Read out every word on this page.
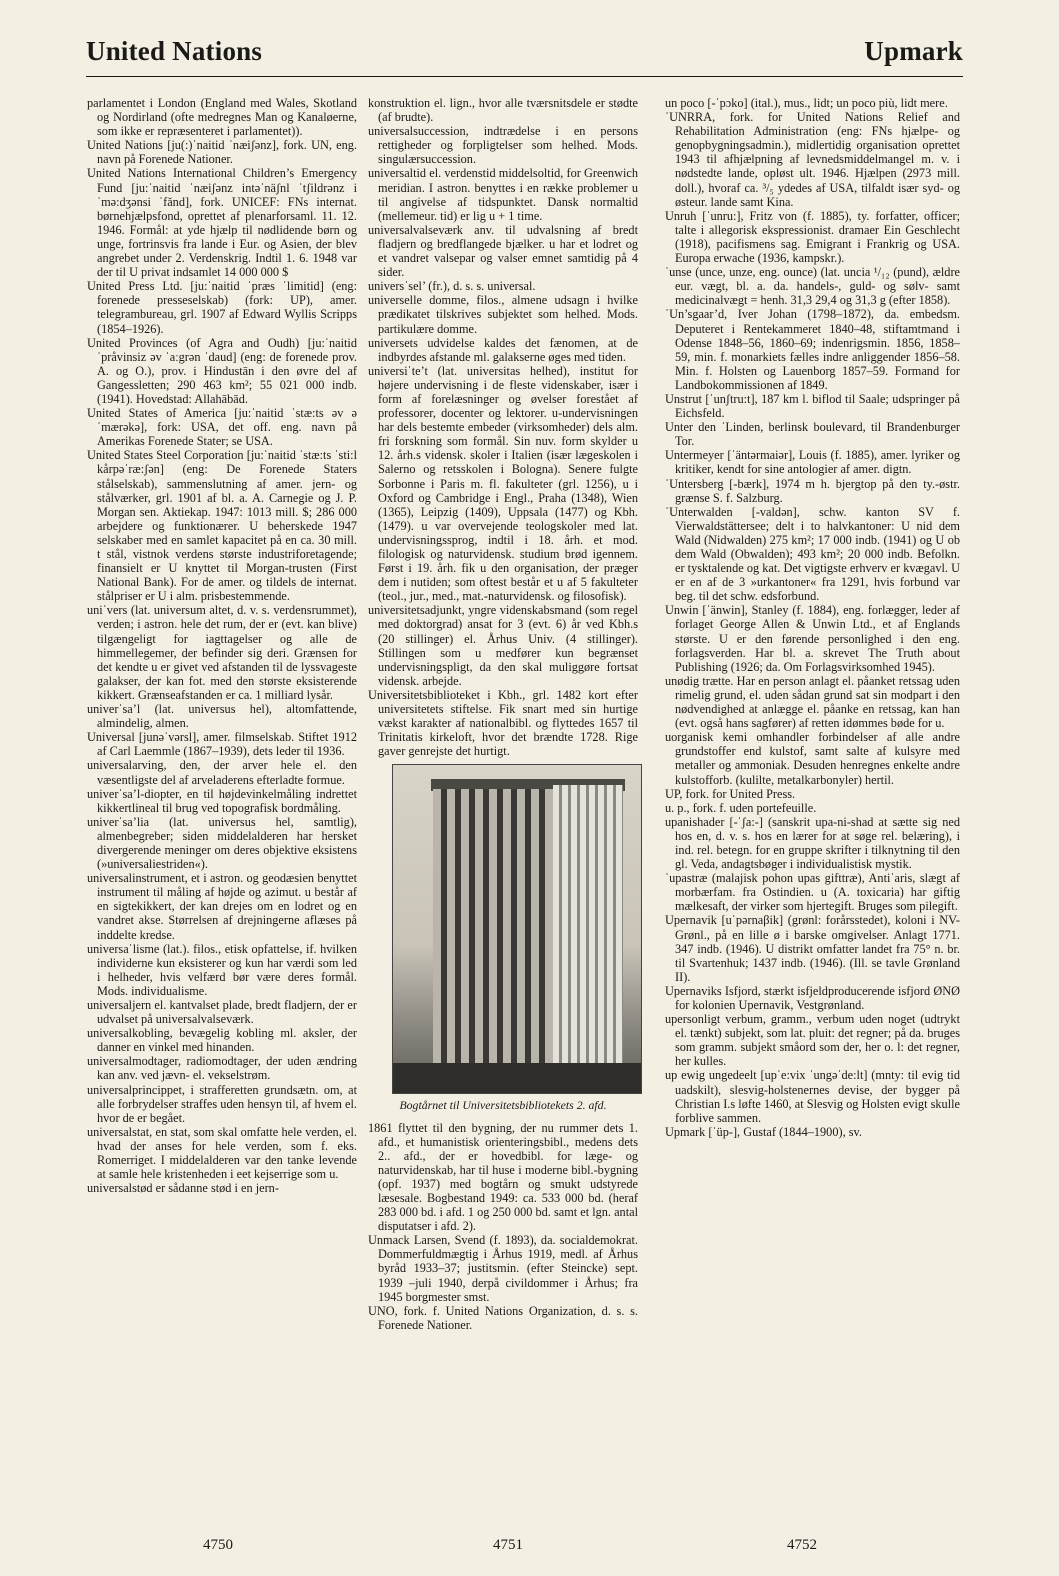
United Nations	Upmark
parlamentet i London (England med Wales, Skotland og Nordirland (ofte medregnes Man og Kanaløerne, som ikke er repræsenteret i parlamentet)).
United Nations [ju(:)ˈnaitid ˈnæiʃənz], fork. UN, eng. navn på Forenede Nationer.
United Nations International Children’s Emergency Fund [ju:ˈnaitid ˈnæiʃənz intəˈnäʃnl ˈtʃildrənz iˈmə:dʒənsi ˈfǎnd], fork. UNICEF: FNs internat. børnehjælpsfond, oprettet af plenarforsaml. 11. 12. 1946. Formål: at yde hjælp til nødlidende børn og unge, fortrinsvis fra lande i Eur. og Asien, der blev angrebet under 2. Verdenskrig. Indtil 1. 6. 1948 var der til U privat indsamlet 14 000 000 $
United Press Ltd. [ju:ˈnaitid ˈpræs ˈlimitid] (eng: forenede presseselskab) (fork: UP), amer. telegrambureau, grl. 1907 af Edward Wyllis Scripps (1854–1926).
United Provinces (of Agra and Oudh) [ju:ˈnaitid ˈpråvinsiz əv ˈaːgrən ˈdaud] (eng: de forenede prov. A. og O.), prov. i Hindustān i den øvre del af Gangessletten; 290 463 km²; 55 021 000 indb. (1941). Hovedstad: Allahābād.
United States of America [ju:ˈnaitid ˈstæ:ts əv əˈmærəkə], fork: USA, det off. eng. navn på Amerikas Forenede Stater; se USA.
United States Steel Corporation [ju:ˈnaitid ˈstæ:ts ˈsti:l kårpəˈræ:ʃən] (eng: De Forenede Staters stålselskab), sammenslutning af amer. jern- og stålværker, grl. 1901 af bl. a. A. Carnegie og J. P. Morgan sen. Aktiekap. 1947: 1013 mill. $; 286 000 arbejdere og funktionærer. U beherskede 1947 selskaber med en samlet kapacitet på en ca. 30 mill. t stål, vistnok verdens største industriforetagende; finansielt er U knyttet til Morgan-trusten (First National Bank). For de amer. og tildels de internat. stålpriser er U i alm. prisbestemmende.
uniˈvers (lat. universum altet, d. v. s. verdensrummet), verden; i astron. hele det rum, der er (evt. kan blive) tilgængeligt for iagttagelser og alle de himmellegemer, der befinder sig deri. Grænsen for det kendte u er givet ved afstanden til de lyssvageste galakser, der kan fot. med den største eksisterende kikkert. Grænseafstanden er ca. 1 milliard lysår.
univerˈsa’l (lat. universus hel), altomfattende, almindelig, almen.
Universal [junəˈvərsl], amer. filmselskab. Stiftet 1912 af Carl Laemmle (1867–1939), dets leder til 1936.
universalarving, den, der arver hele el. den væsentligste del af arveladerens efterladte formue.
univerˈsa’l-diopter, en til højdevinkelmåling indrettet kikkertlineal til brug ved topografisk bordmåling.
univerˈsa’lia (lat. universus hel, samtlig), almenbegreber; siden middelalderen har hersket divergerende meninger om deres objektive eksistens (»universaliestriden«).
universalinstrument, et i astron. og geodæsien benyttet instrument til måling af højde og azimut. u består af en sigtekikkert, der kan drejes om en lodret og en vandret akse. Størrelsen af drejningerne aflæses på inddelte kredse.
universaˈlisme (lat.). filos., etisk opfattelse, if. hvilken individerne kun eksisterer og kun har værdi som led i helheder, hvis velfærd bør være deres formål. Mods. individualisme.
universaljern el. kantvalset plade, bredt fladjern, der er udvalset på universalvalseværk.
universalkobling, bevægelig kobling ml. aksler, der danner en vinkel med hinanden.
universalmodtager, radiomodtager, der uden ændring kan anv. ved jævn- el. vekselstrøm.
universalprincippet, i strafferetten grundsætn. om, at alle forbrydelser straffes uden hensyn til, af hvem el. hvor de er begået.
universalstat, en stat, som skal omfatte hele verden, el. hvad der anses for hele verden, som f. eks. Romerriget. I middelalderen var den tanke levende at samle hele kristenheden i eet kejserrige som u.
universalstød er sådanne stød i en jern-
konstruktion el. lign., hvor alle tværsnitsdele er stødte (af brudte).
universalsuccession, indtrædelse i en persons rettigheder og forpligtelser som helhed. Mods. singulærsuccession.
universaltid el. verdenstid middelsoltid, for Greenwich meridian. I astron. benyttes i en række problemer u til angivelse af tidspunktet. Dansk normaltid (mellemeur. tid) er lig u + 1 time.
universalvalseværk anv. til udvalsning af bredt fladjern og bredflangede bjælker. u har et lodret og et vandret valsepar og valser emnet samtidig på 4 sider.
universˈsel’ (fr.), d. s. s. universal.
universelle domme, filos., almene udsagn i hvilke prædikatet tilskrives subjektet som helhed. Mods. partikulære domme.
universets udvidelse kaldes det fænomen, at de indbyrdes afstande ml. galakserne øges med tiden.
universiˈte’t (lat. universitas helhed), institut for højere undervisning i de fleste videnskaber, især i form af forelæsninger og øvelser forestået af professorer, docenter og lektorer. u-undervisningen har dels bestemte embeder (virksomheder) dels alm. fri forskning som formål. Sin nuv. form skylder u 12. årh.s vidensk. skoler i Italien (især lægeskolen i Salerno og retsskolen i Bologna). Senere fulgte Sorbonne i Paris m. fl. fakulteter (grl. 1256), u i Oxford og Cambridge i Engl., Praha (1348), Wien (1365), Leipzig (1409), Uppsala (1477) og Kbh. (1479). u var overvejende teologskoler med lat. undervisningssprog, indtil i 18. årh. et mod. filologisk og naturvidensk. studium brød igennem. Først i 19. årh. fik u den organisation, der præger dem i nutiden; som oftest består et u af 5 fakulteter (teol., jur., med., mat.-naturvidensk. og filosofisk).
universitetsadjunkt, yngre videnskabsmand (som regel med doktorgrad) ansat for 3 (evt. 6) år ved Kbh.s (20 stillinger) el. Århus Univ. (4 stillinger). Stillingen som u medfører kun begrænset undervisningspligt, da den skal muliggøre fortsat vidensk. arbejde.
Universitetsbiblioteket i Kbh., grl. 1482 kort efter universitetets stiftelse. Fik snart med sin hurtige vækst karakter af nationalbibl. og flyttedes 1657 til Trinitatis kirkeloft, hvor det brændte 1728. Rige gaver genrejste det hurtigt.
Bogtårnet til Universitetsbibliotekets 2. afd.
1861 flyttet til den bygning, der nu rummer dets 1. afd., et humanistisk orienteringsbibl., medens dets 2.. afd., der er hovedbibl. for læge- og naturvidenskab, har til huse i moderne bibl.-bygning (opf. 1937) med bogtårn og smukt udstyrede læsesale. Bogbestand 1949: ca. 533 000 bd. (heraf 283 000 bd. i afd. 1 og 250 000 bd. samt et lgn. antal disputatser i afd. 2).
Unmack Larsen, Svend (f. 1893), da. socialdemokrat. Dommerfuldmægtig i Århus 1919, medl. af Århus byråd 1933–37; justitsmin. (efter Steincke) sept. 1939 –juli 1940, derpå civildommer i Århus; fra 1945 borgmester smst.
UNO, fork. f. United Nations Organization, d. s. s. Forenede Nationer.
un poco [-ˈpɔko] (ital.), mus., lidt; un poco più, lidt mere.
ˈUNRRA, fork. for United Nations Relief and Rehabilitation Administration (eng: FNs hjælpe- og genopbygningsadmin.), midlertidig organisation oprettet 1943 til afhjælpning af levnedsmiddelmangel m. v. i nødstedte lande, opløst ult. 1946. Hjælpen (2973 mill. doll.), hvoraf ca. ³/₅ ydedes af USA, tilfaldt især syd- og østeur. lande samt Kina.
Unruh [ˈunru:], Fritz von (f. 1885), ty. forfatter, officer; talte i allegorisk ekspressionist. dramaer Ein Geschlecht (1918), pacifismens sag. Emigrant i Frankrig og USA. Europa erwache (1936, kampskr.).
ˈunse (unce, unze, eng. ounce) (lat. uncia ¹/₁₂ (pund), ældre eur. vægt, bl. a. da. handels-, guld- og sølv- samt medicinalvægt = henh. 31,3 29,4 og 31,3 g (efter 1858).
ˈUn’sgaar’d, Iver Johan (1798–1872), da. embedsm. Deputeret i Rentekammeret 1840–48, stiftamtmand i Odense 1848–56, 1860–69; indenrigsmin. 1856, 1858–59, min. f. monarkiets fælles indre anliggender 1856–58. Min. f. Holsten og Lauenborg 1857–59. Formand for Landbokommissionen af 1849.
Unstrut [ˈunʃtru:t], 187 km l. biflod til Saale; udspringer på Eichsfeld.
Unter den ˈLinden, berlinsk boulevard, til Brandenburger Tor.
Untermeyer [ˈäntərmaiər], Louis (f. 1885), amer. lyriker og kritiker, kendt for sine antologier af amer. digtn.
ˈUntersberg [-bærk], 1974 m h. bjergtop på den ty.-østr. grænse S. f. Salzburg.
ˈUnterwalden [-valdən], schw. kanton SV f. Vierwaldstättersee; delt i to halvkantoner: U nid dem Wald (Nidwalden) 275 km²; 17 000 indb. (1941) og U ob dem Wald (Obwalden); 493 km²; 20 000 indb. Befolkn. er tysktalende og kat. Det vigtigste erhverv er kvægavl. U er en af de 3 »urkantoner« fra 1291, hvis forbund var beg. til det schw. edsforbund.
Unwin [ˈänwin], Stanley (f. 1884), eng. forlægger, leder af forlaget George Allen & Unwin Ltd., et af Englands største. U er den førende personlighed i den eng. forlagsverden. Har bl. a. skrevet The Truth about Publishing (1926; da. Om Forlagsvirksomhed 1945).
unødig trætte. Har en person anlagt el. påanket retssag uden rimelig grund, el. uden sådan grund sat sin modpart i den nødvendighed at anlægge el. påanke en retssag, kan han (evt. også hans sagfører) af retten idømmes bøde for u.
uorganisk kemi omhandler forbindelser af alle andre grundstoffer end kulstof, samt salte af kulsyre med metaller og ammoniak. Desuden henregnes enkelte andre kulstofforb. (kulilte, metalkarbonyler) hertil.
UP, fork. for United Press.
u. p., fork. f. uden portefeuille.
upanishader [-ˈʃa:-] (sanskrit upa-ni-shad at sætte sig ned hos en, d. v. s. hos en lærer for at søge rel. belæring), i ind. rel. betegn. for en gruppe skrifter i tilknytning til den gl. Veda, andagtsbøger i individualistisk mystik.
ˈupastræ (malajisk pohon upas gifttræ), Antiˈaris, slægt af morbærfam. fra Ostindien. u (A. toxicaria) har giftig mælkesaft, der virker som hjertegift. Bruges som pilegift.
Upernavik [uˈpərnaβik] (grønl: forårsstedet), koloni i NV-Grønl., på en lille ø i barske omgivelser. Anlagt 1771. 347 indb. (1946). U distrikt omfatter landet fra 75° n. br. til Svartenhuk; 1437 indb. (1946). (Ill. se tavle Grønland II).
Upernaviks Isfjord, stærkt isfjeldproducerende isfjord ØNØ for kolonien Upernavik, Vestgrønland.
upersonligt verbum, gramm., verbum uden noget (udtrykt el. tænkt) subjekt, som lat. pluit: det regner; på da. bruges som gramm. subjekt småord som der, her o. l: det regner, her kulles.
up ewig ungedeelt [upˈe:vix ˈungəˈde:lt] (mnty: til evig tid uadskilt), slesvig-holstenernes devise, der bygger på Christian I.s løfte 1460, at Slesvig og Holsten evigt skulle forblive sammen.
Upmark [ˈüp-], Gustaf (1844–1900), sv.
4750	4751	4752
